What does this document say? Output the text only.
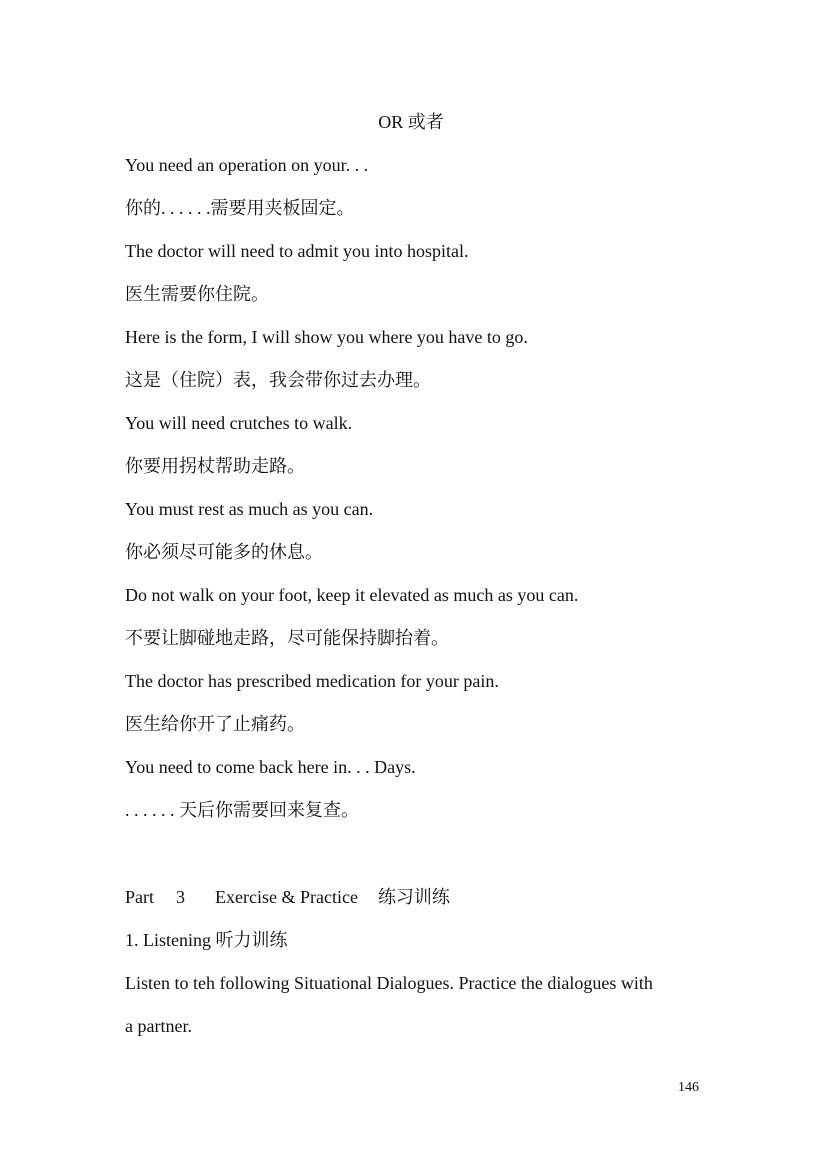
OR 或者
You need an operation on your. . .
你的. . . . . .需要用夹板固定。
The doctor will need to admit you into hospital.
医生需要你住院。
Here is the form, I will show you where you have to go.
这是（住院）表，我会带你过去办理。
You will need crutches to walk.
你要用拐杖帮助走路。
You must rest as much as you can.
你必须尽可能多的休息。
Do not walk on your foot, keep it elevated as much as you can.
不要让脚碰地走路，尽可能保持脚抬着。
The doctor has prescribed medication for your pain.
医生给你开了止痛药。
You need to come back here in. . . Days.
. . . . . . 天后你需要回来复查。
Part 3 Exercise & Practice 练习训练
1. Listening 听力训练
Listen to teh following Situational Dialogues. Practice the dialogues with
a partner.
146
